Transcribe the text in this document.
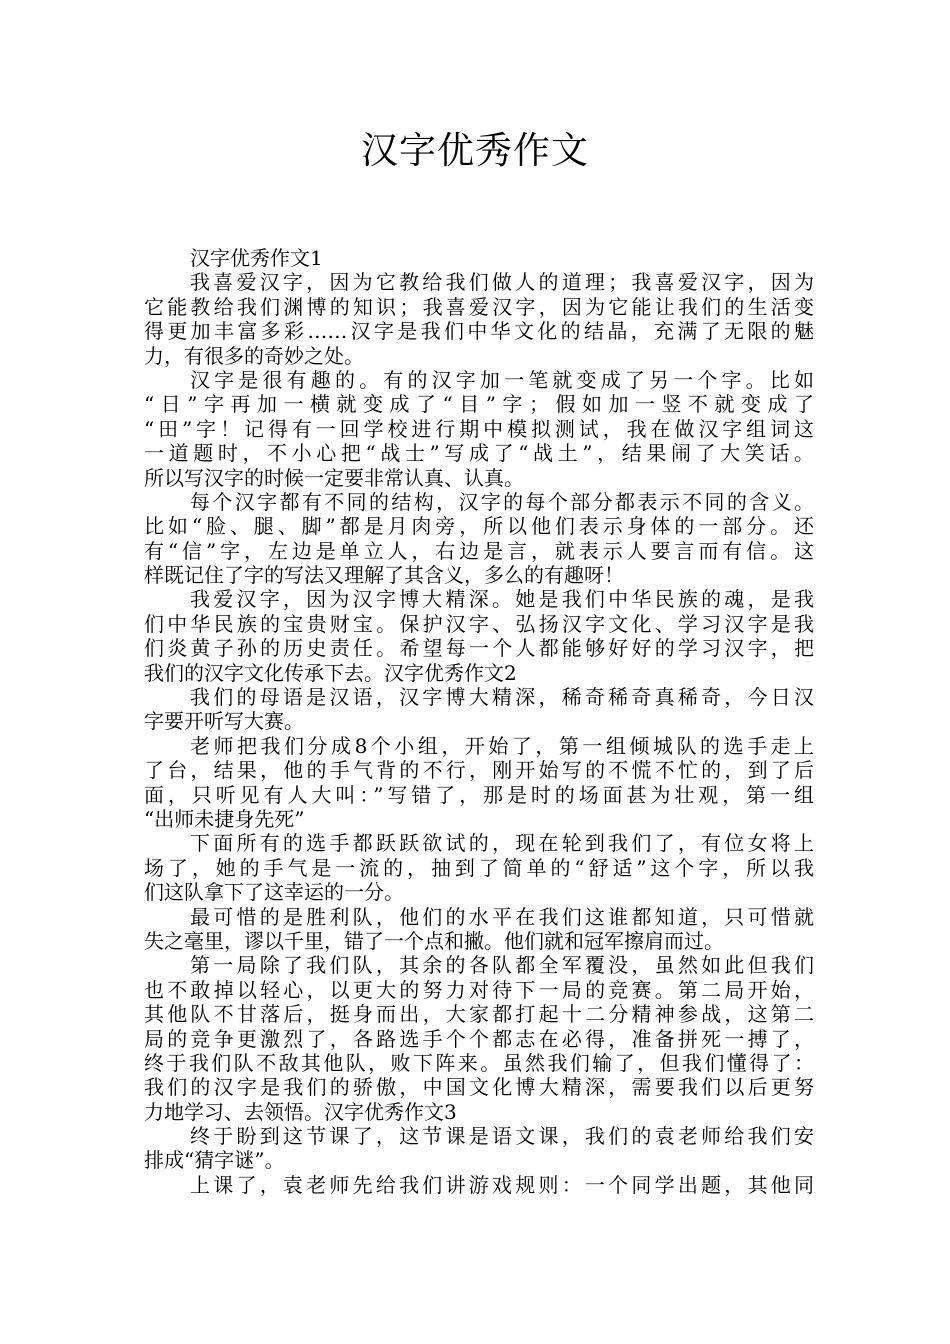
汉字优秀作文
汉字优秀作文1
我喜爱汉字，因为它教给我们做人的道理；我喜爱汉字，因为
它能教给我们渊博的知识；我喜爱汉字，因为它能让我们的生活变
得更加丰富多彩……汉字是我们中华文化的结晶，充满了无限的魅
力，有很多的奇妙之处。
汉字是很有趣的。有的汉字加一笔就变成了另一个字。比如
“日”字再加一横就变成了“目”字；假如加一竖不就变成了
“田”字！记得有一回学校进行期中模拟测试，我在做汉字组词这
一道题时，不小心把“战士”写成了“战土”，结果闹了大笑话。
所以写汉字的时候一定要非常认真、认真。
每个汉字都有不同的结构，汉字的每个部分都表示不同的含义。
比如“脸、腿、脚”都是月肉旁，所以他们表示身体的一部分。还
有“信”字，左边是单立人，右边是言，就表示人要言而有信。这
样既记住了字的写法又理解了其含义，多么的有趣呀！
我爱汉字，因为汉字博大精深。她是我们中华民族的魂，是我
们中华民族的宝贵财宝。保护汉字、弘扬汉字文化、学习汉字是我
们炎黄子孙的历史责任。希望每一个人都能够好好的学习汉字，把
我们的汉字文化传承下去。汉字优秀作文2
我们的母语是汉语，汉字博大精深，稀奇稀奇真稀奇，今日汉
字要开听写大赛。
老师把我们分成8个小组，开始了，第一组倾城队的选手走上
了台，结果，他的手气背的不行，刚开始写的不慌不忙的，到了后
面，只听见有人大叫：”写错了，那是时的场面甚为壮观，第一组
“出师未捷身先死”
下面所有的选手都跃跃欲试的，现在轮到我们了，有位女将上
场了，她的手气是一流的，抽到了简单的“舒适”这个字，所以我
们这队拿下了这幸运的一分。
最可惜的是胜利队，他们的水平在我们这谁都知道，只可惜就
失之毫里，谬以千里，错了一个点和撇。他们就和冠军擦肩而过。
第一局除了我们队，其余的各队都全军覆没，虽然如此但我们
也不敢掉以轻心，以更大的努力对待下一局的竞赛。第二局开始，
其他队不甘落后，挺身而出，大家都打起十二分精神参战，这第二
局的竞争更激烈了，各路选手个个都志在必得，准备拼死一搏了，
终于我们队不敌其他队，败下阵来。虽然我们输了，但我们懂得了：
我们的汉字是我们的骄傲，中国文化博大精深，需要我们以后更努
力地学习、去领悟。汉字优秀作文3
终于盼到这节课了，这节课是语文课，我们的袁老师给我们安
排成“猜字谜”。
上课了，袁老师先给我们讲游戏规则：一个同学出题，其他同
